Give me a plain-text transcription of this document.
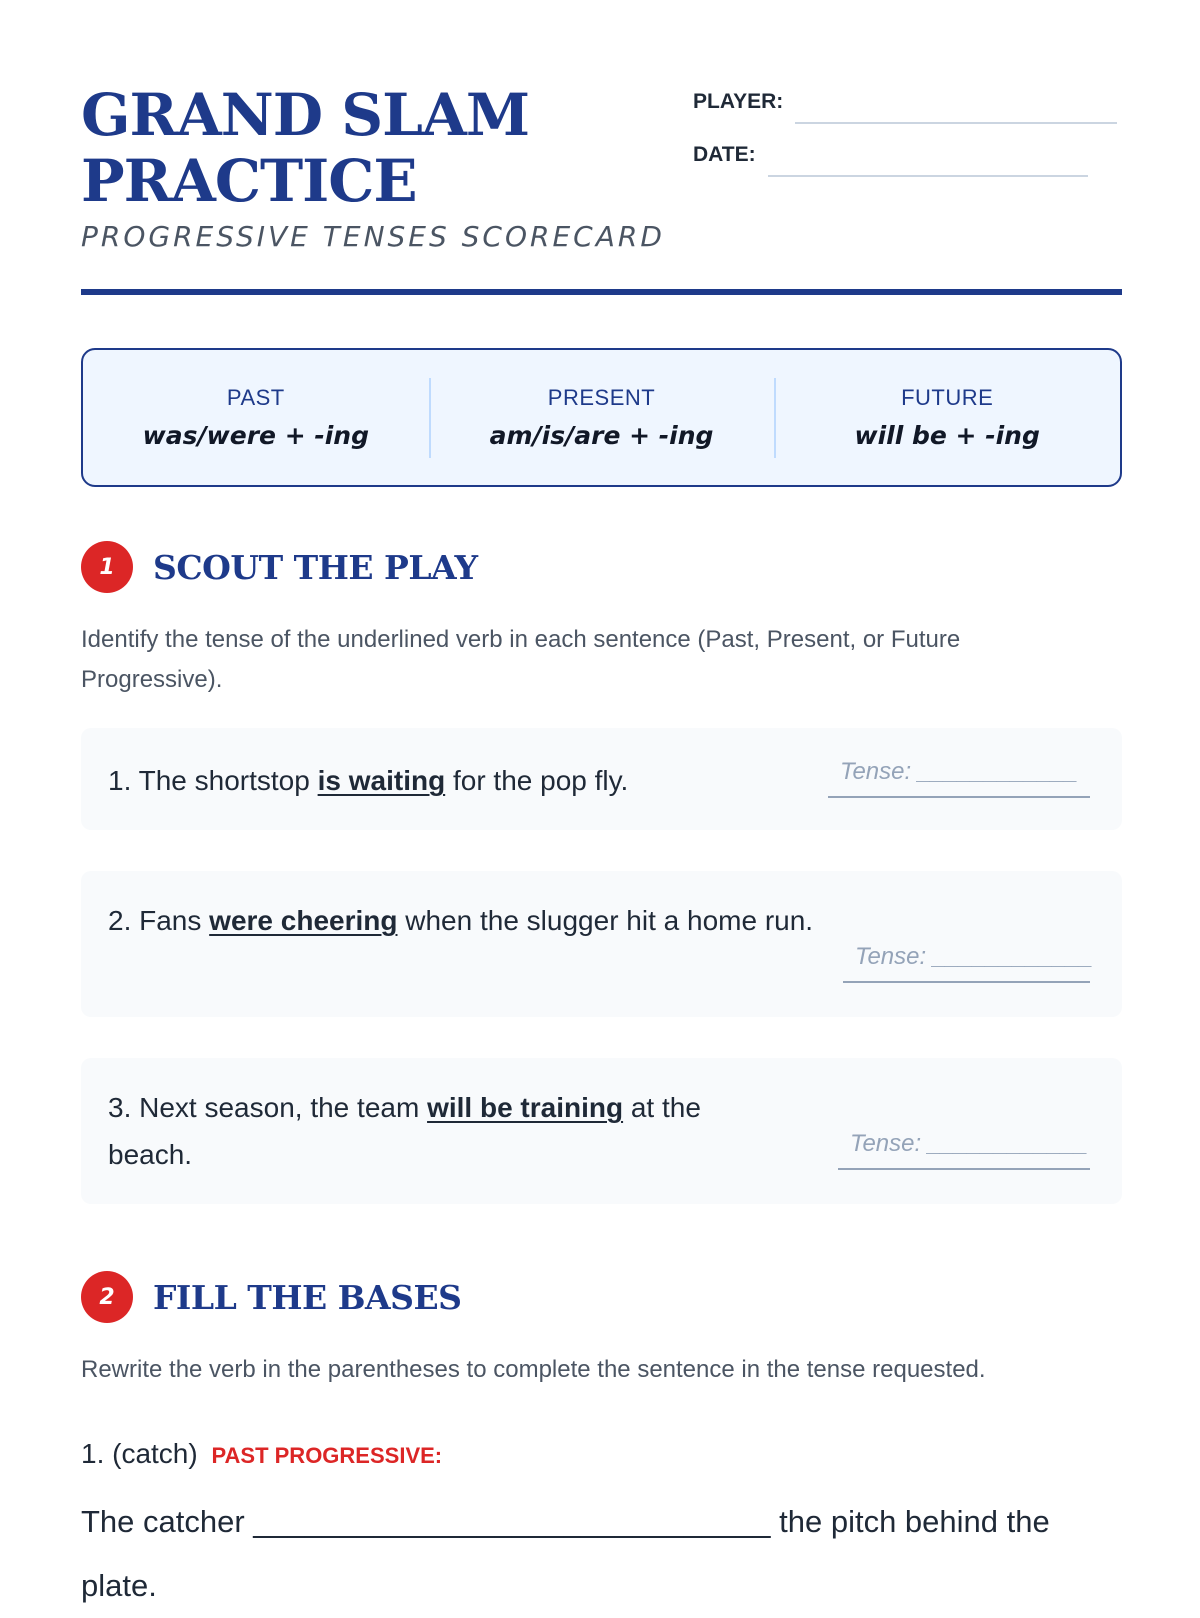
GRAND SLAM PRACTICE
PROGRESSIVE TENSES SCORECARD
PLAYER:
DATE:
PAST
was/were + -ing
PRESENT
am/is/are + -ing
FUTURE
will be + -ing
1	SCOUT THE PLAY
Identify the tense of the underlined verb in each sentence (Past, Present, or Future Progressive).
1. The shortstop is waiting for the pop fly.	Tense: ____________
2. Fans were cheering when the slugger hit a home run.
Tense: ____________
3. Next season, the team will be training at the beach.	Tense: ____________
2	FILL THE BASES
Rewrite the verb in the parentheses to complete the sentence in the tense requested.
1. (catch) PAST PROGRESSIVE:
The catcher ______________________________ the pitch behind the plate.
